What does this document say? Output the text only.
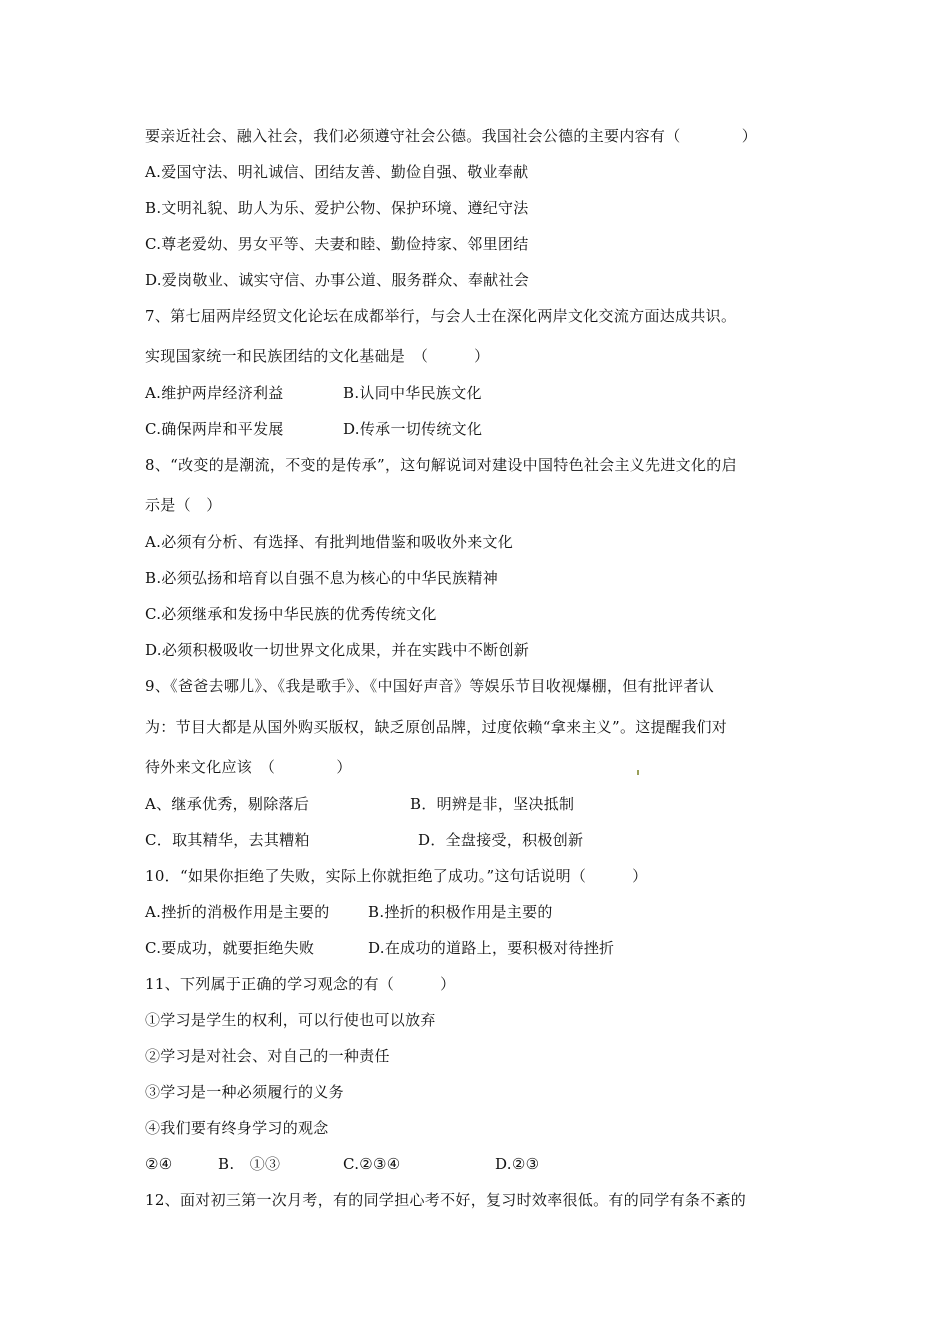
要亲近社会、融入社会，我们必须遵守社会公德。我国社会公德的主要内容有（　　　　）
A.爱国守法、明礼诚信、团结友善、勤俭自强、敬业奉献
B.文明礼貌、助人为乐、爱护公物、保护环境、遵纪守法
C.尊老爱幼、男女平等、夫妻和睦、勤俭持家、邻里团结
D.爱岗敬业、诚实守信、办事公道、服务群众、奉献社会
7、第七届两岸经贸文化论坛在成都举行，与会人士在深化两岸文化交流方面达成共识。
实现国家统一和民族团结的文化基础是　（　　　）
A.维护两岸经济利益	B.认同中华民族文化
C.确保两岸和平发展	D.传承一切传统文化
8、“改变的是潮流，不变的是传承”，这句解说词对建设中国特色社会主义先进文化的启
示是（　）
A.必须有分析、有选择、有批判地借鉴和吸收外来文化
B.必须弘扬和培育以自强不息为核心的中华民族精神
C.必须继承和发扬中华民族的优秀传统文化
D.必须积极吸收一切世界文化成果，并在实践中不断创新
9、《爸爸去哪儿》、《我是歌手》、《中国好声音》等娱乐节目收视爆棚，但有批评者认
为：节目大都是从国外购买版权，缺乏原创品牌，过度依赖“拿来主义”。这提醒我们对
待外来文化应该　（　　　　）
A、继承优秀，剔除落后	B．明辨是非，坚决抵制
C．取其精华，去其糟粕	D．全盘接受，积极创新
10．“如果你拒绝了失败，实际上你就拒绝了成功。”这句话说明（　　　）
A.挫折的消极作用是主要的	B.挫折的积极作用是主要的
C.要成功，就要拒绝失败	D.在成功的道路上，要积极对待挫折
11、下列属于正确的学习观念的有（　　　）
①学习是学生的权利，可以行使也可以放弃
②学习是对社会、对自己的一种责任
③学习是一种必须履行的义务
④我们要有终身学习的观念
②④	B.　①③	C.②③④	D.②③
12、面对初三第一次月考，有的同学担心考不好，复习时效率很低。有的同学有条不紊的
